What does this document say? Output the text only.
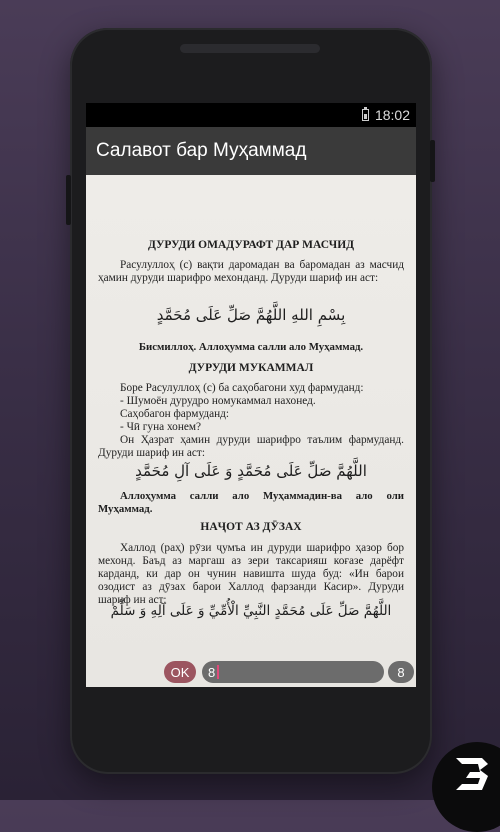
18:02
Салавот бар Муҳаммад
ДУРУДИ ОМАДУРАФТ ДАР МАСЧИД
Расулуллоҳ (с) вақти даромадан ва баромадан аз масчид ҳамин дуруди шарифро мехонданд. Дуруди шариф ин аст:
بِسْمِ اللهِ اللَّهُمَّ صَلِّ عَلَى مُحَمَّدٍ
Бисмиллоҳ. Аллоҳумма салли ало Муҳаммад.
ДУРУДИ МУКАММАЛ
Боре Расулуллоҳ (с) ба саҳобагони худ фармуданд:
- Шумоён дурудро номукаммал нахонед.
Саҳобагон фармуданд:
- Чӣ гуна хонем?
Он Ҳазрат ҳамин дуруди шарифро таълим фармуданд. Дуруди шариф ин аст:
اللَّهُمَّ صَلِّ عَلَى مُحَمَّدٍ وَ عَلَى آلِ مُحَمَّدٍ
Аллоҳумма салли ало Муҳаммадин-ва ало оли Муҳаммад.
НАҶОТ АЗ ДӮЗАХ
Халлод (раҳ) рӯзи ҷумъа ин дуруди шарифро ҳазор бор мехонд. Баъд аз маргаш аз зери таксарияш коғазе дарёфт карданд, ки дар он чунин навишта шуда буд: «Ин барои озодист аз дӯзах барои Халлод фарзанди Касир». Дуруди шариф ин аст:
اللَّهُمَّ صَلِّ عَلَى مُحَمَّدٍ النَّبِيِّ الْأُمِّيِّ وَ عَلَى آلِهِ وَ سَلِّمْ
OK	8	8
